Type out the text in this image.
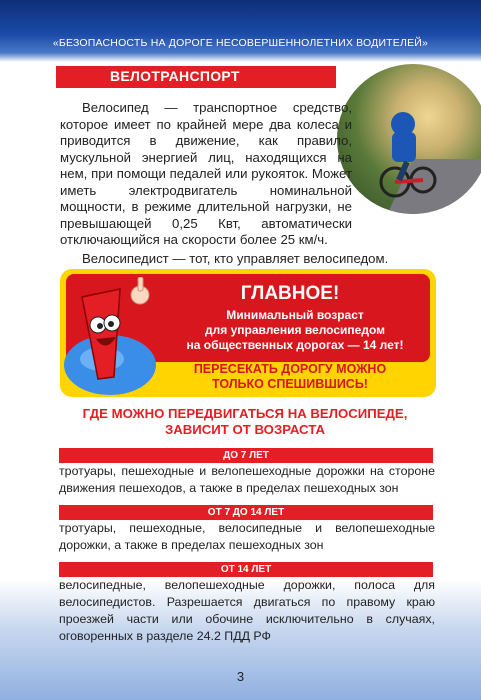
«БЕЗОПАСНОСТЬ НА ДОРОГЕ НЕСОВЕРШЕННОЛЕТНИХ ВОДИТЕЛЕЙ»
ВЕЛОТРАНСПОРТ
Велосипед — транспортное средство, которое имеет по крайней мере два колеса и приводится в движение, как правило, мускульной энергией лиц, находящихся на нем, при помощи педалей или рукояток. Может иметь электродвигатель номинальной мощности, в режиме длительной нагрузки, не превышающей 0,25 Квт, автоматически отключающийся на скорости более 25 км/ч.
Велосипедист — тот, кто управляет велосипедом.
ГЛАВНОЕ!
Минимальный возраст
для управления велосипедом
на общественных дорогах — 14 лет!
ПЕРЕСЕКАТЬ ДОРОГУ МОЖНО
ТОЛЬКО СПЕШИВШИСЬ!
ГДЕ МОЖНО ПЕРЕДВИГАТЬСЯ НА ВЕЛОСИПЕДЕ,
ЗАВИСИТ ОТ ВОЗРАСТА
ДО 7 ЛЕТ
тротуары, пешеходные и велопешеходные дорожки на стороне движения пешеходов, а также в пределах пешеходных зон
ОТ 7 ДО 14 ЛЕТ
тротуары, пешеходные, велосипедные и велопешеходные дорожки, а также в пределах пешеходных зон
ОТ 14 ЛЕТ
велосипедные, велопешеходные дорожки, полоса для велосипедистов. Разрешается двигаться по правому краю проезжей части или обочине исключительно в случаях, оговоренных в разделе 24.2 ПДД РФ
3
